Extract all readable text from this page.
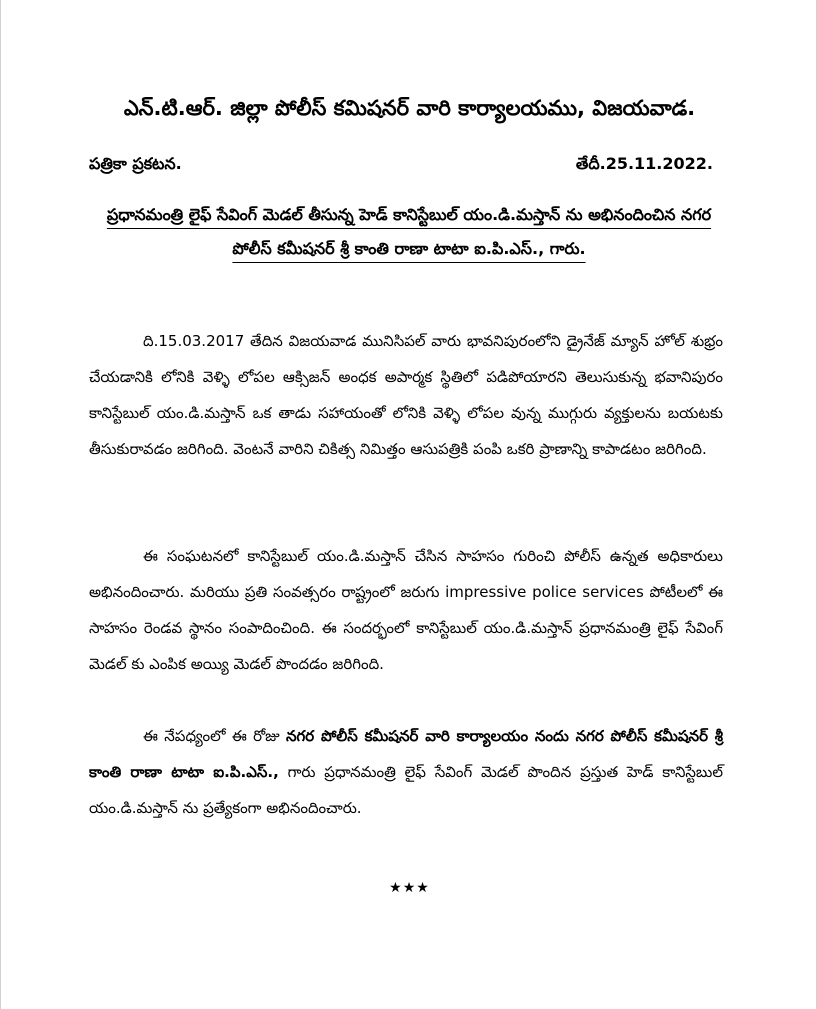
ఎన్.టి.ఆర్. జిల్లా పోలీస్ కమిషనర్ వారి కార్యాలయము, విజయవాడ.
పత్రికా ప్రకటన.	తేదీ.25.11.2022.
ప్రధానమంత్రి లైఫ్ సేవింగ్ మెడల్ తీసున్న హెడ్ కానిస్టేబుల్ యం.డి.మస్తాన్ ను అభినందించిన నగర
పోలీస్ కమీషనర్ శ్రీ కాంతి రాణా టాటా ఐ.పి.ఎస్., గారు.

ది.15.03.2017 తేదిన విజయవాడ మునిసిపల్ వారు భావనిపురంలోని డ్రైనేజ్ మ్యాన్ హోల్ శుభ్రం చేయడానికి లోనికి వెళ్ళి లోపల ఆక్సిజన్ అంధక అపార్మక స్థితిలో పడిపోయారని తెలుసుకున్న భవానిపురం కానిస్టేబుల్ యం.డి.మస్తాన్ ఒక తాడు సహాయంతో లోనికి వెళ్ళి లోపల వున్న ముగ్గురు వ్యక్తులను బయటకు తీసుకురావడం జరిగింది. వెంటనే వారిని చికిత్స నిమిత్తం ఆసుపత్రికి పంపి ఒకరి ప్రాణాన్ని కాపాడటం జరిగింది.

ఈ సంఘటనలో కానిస్టేబుల్ యం.డి.మస్తాన్ చేసిన సాహసం గురించి పోలీస్ ఉన్నత అధికారులు అభినందించారు. మరియు ప్రతి సంవత్సరం రాష్ట్రంలో జరుగు impressive police services పోటీలలో ఈ సాహసం రెండవ స్థానం సంపాదించింది. ఈ సందర్భంలో కానిస్టేబుల్ యం.డి.మస్తాన్ ప్రధానమంత్రి లైఫ్ సేవింగ్ మెడల్ కు ఎంపిక అయ్యి మెడల్ పొందడం జరిగింది.

ఈ నేపధ్యంలో ఈ రోజు నగర పోలీస్ కమీషనర్ వారి కార్యాలయం నందు నగర పోలీస్ కమీషనర్ శ్రీ కాంతి రాణా టాటా ఐ.పి.ఎస్., గారు ప్రధానమంత్రి లైఫ్ సేవింగ్ మెడల్ పొందిన ప్రస్తుత హెడ్ కానిస్టేబుల్ యం.డి.మస్తాన్ ను ప్రత్యేకంగా అభినందించారు.

★★★
